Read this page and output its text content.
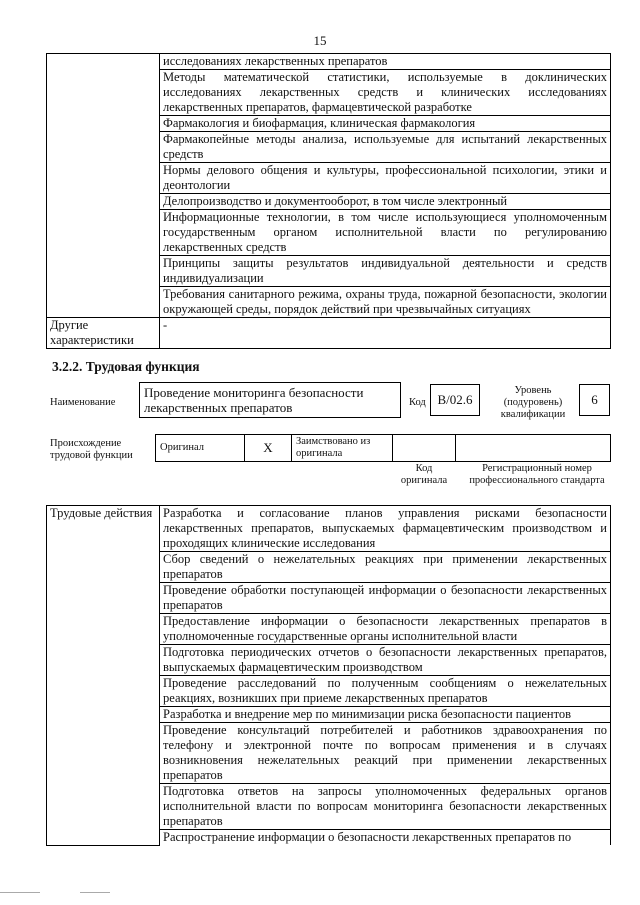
15
	исследованиях лекарственных препаратов
	Методы математической статистики, используемые в доклинических исследованиях лекарственных средств и клинических исследованиях лекарственных препаратов, фармацевтической разработке
	Фармакология и биофармация, клиническая фармакология
	Фармакопейные методы анализа, используемые для испытаний лекарственных средств
	Нормы делового общения и культуры, профессиональной психологии, этики и деонтологии
	Делопроизводство и документооборот, в том числе электронный
	Информационные технологии, в том числе использующиеся уполномоченным государственным органом исполнительной власти по регулированию лекарственных средств
	Принципы защиты результатов индивидуальной деятельности и средств индивидуализации
	Требования санитарного режима, охраны труда, пожарной безопасности, экологии окружающей среды, порядок действий при чрезвычайных ситуациях
Другие характеристики	-
3.2.2. Трудовая функция
Наименование
Проведение мониторинга безопасности лекарственных препаратов	Код B/02.6
Уровень (подуровень) квалификации
6
Происхождение трудовой функции
Оригинал	X	Заимствовано из оригинала		
Код оригинала
Регистрационный номер профессионального стандарта
Трудовые действия	Разработка и согласование планов управления рисками безопасности лекарственных препаратов, выпускаемых фармацевтическим производством и проходящих клинические исследования
Сбор сведений о нежелательных реакциях при применении лекарственных препаратов
Проведение обработки поступающей информации о безопасности лекарственных препаратов
Предоставление информации о безопасности лекарственных препаратов в уполномоченные государственные органы исполнительной власти
Подготовка периодических отчетов о безопасности лекарственных препаратов, выпускаемых фармацевтическим производством
Проведение расследований по полученным сообщениям о нежелательных реакциях, возникших при приеме лекарственных препаратов
Разработка и внедрение мер по минимизации риска безопасности пациентов
Проведение консультаций потребителей и работников здравоохранения по телефону и электронной почте по вопросам применения и в случаях возникновения нежелательных реакций при применении лекарственных препаратов
Подготовка ответов на запросы уполномоченных федеральных органов исполнительной власти по вопросам мониторинга безопасности лекарственных препаратов
Распространение информации о безопасности лекарственных препаратов по
